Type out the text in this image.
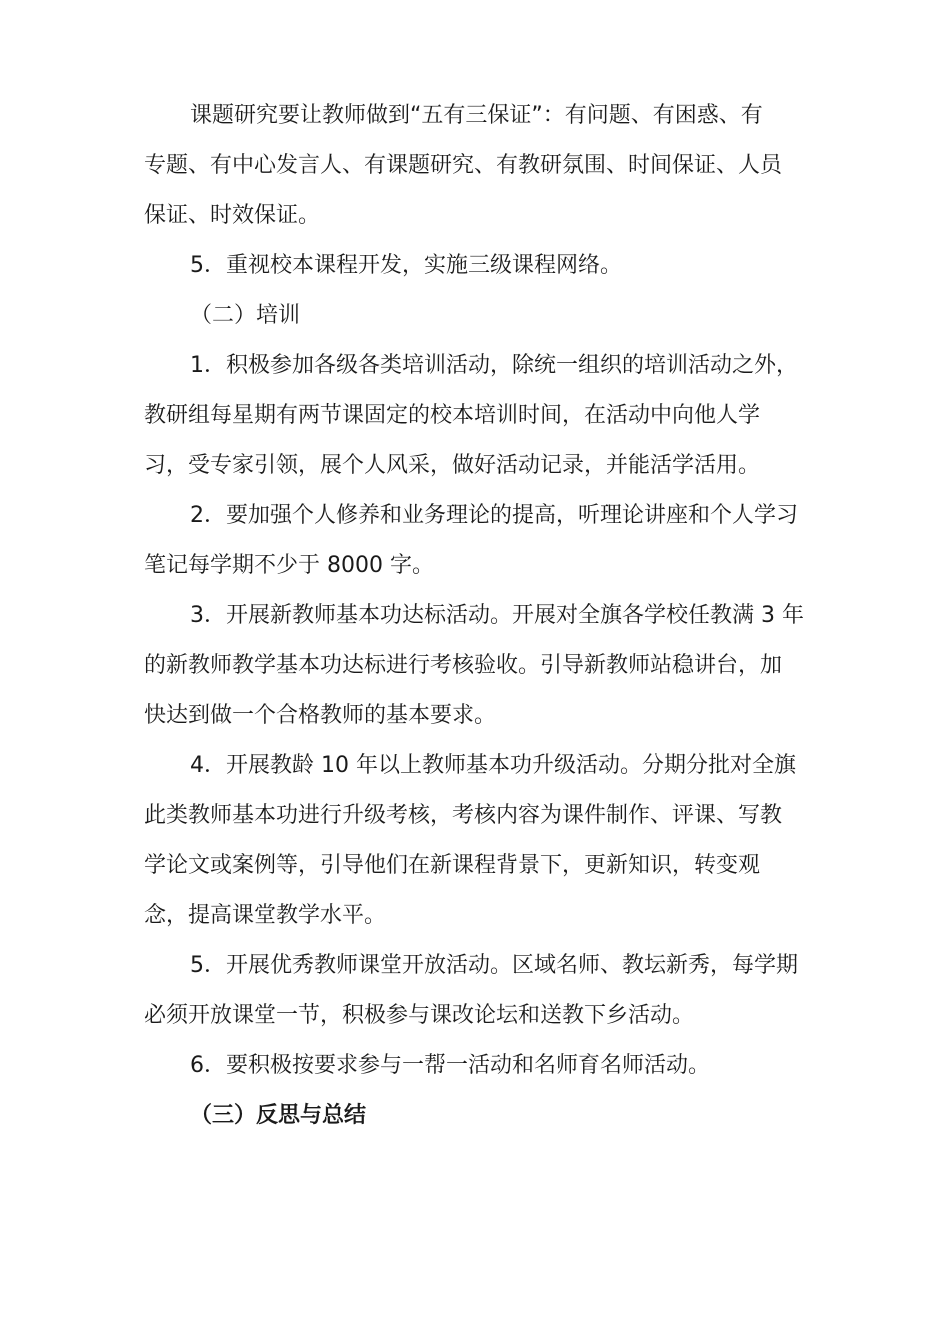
课题研究要让教师做到“五有三保证”：有问题、有困惑、有
专题、有中心发言人、有课题研究、有教研氛围、时间保证、人员
保证、时效保证。
5．重视校本课程开发，实施三级课程网络。
（二）培训
1．积极参加各级各类培训活动，除统一组织的培训活动之外，
教研组每星期有两节课固定的校本培训时间，在活动中向他人学
习，受专家引领，展个人风采，做好活动记录，并能活学活用。
2．要加强个人修养和业务理论的提高，听理论讲座和个人学习
笔记每学期不少于 8000 字。
3．开展新教师基本功达标活动。开展对全旗各学校任教满 3 年
的新教师教学基本功达标进行考核验收。引导新教师站稳讲台，加
快达到做一个合格教师的基本要求。
4．开展教龄 10 年以上教师基本功升级活动。分期分批对全旗
此类教师基本功进行升级考核，考核内容为课件制作、评课、写教
学论文或案例等，引导他们在新课程背景下，更新知识，转变观
念，提高课堂教学水平。
5．开展优秀教师课堂开放活动。区域名师、教坛新秀，每学期
必须开放课堂一节，积极参与课改论坛和送教下乡活动。
6．要积极按要求参与一帮一活动和名师育名师活动。
（三）反思与总结
